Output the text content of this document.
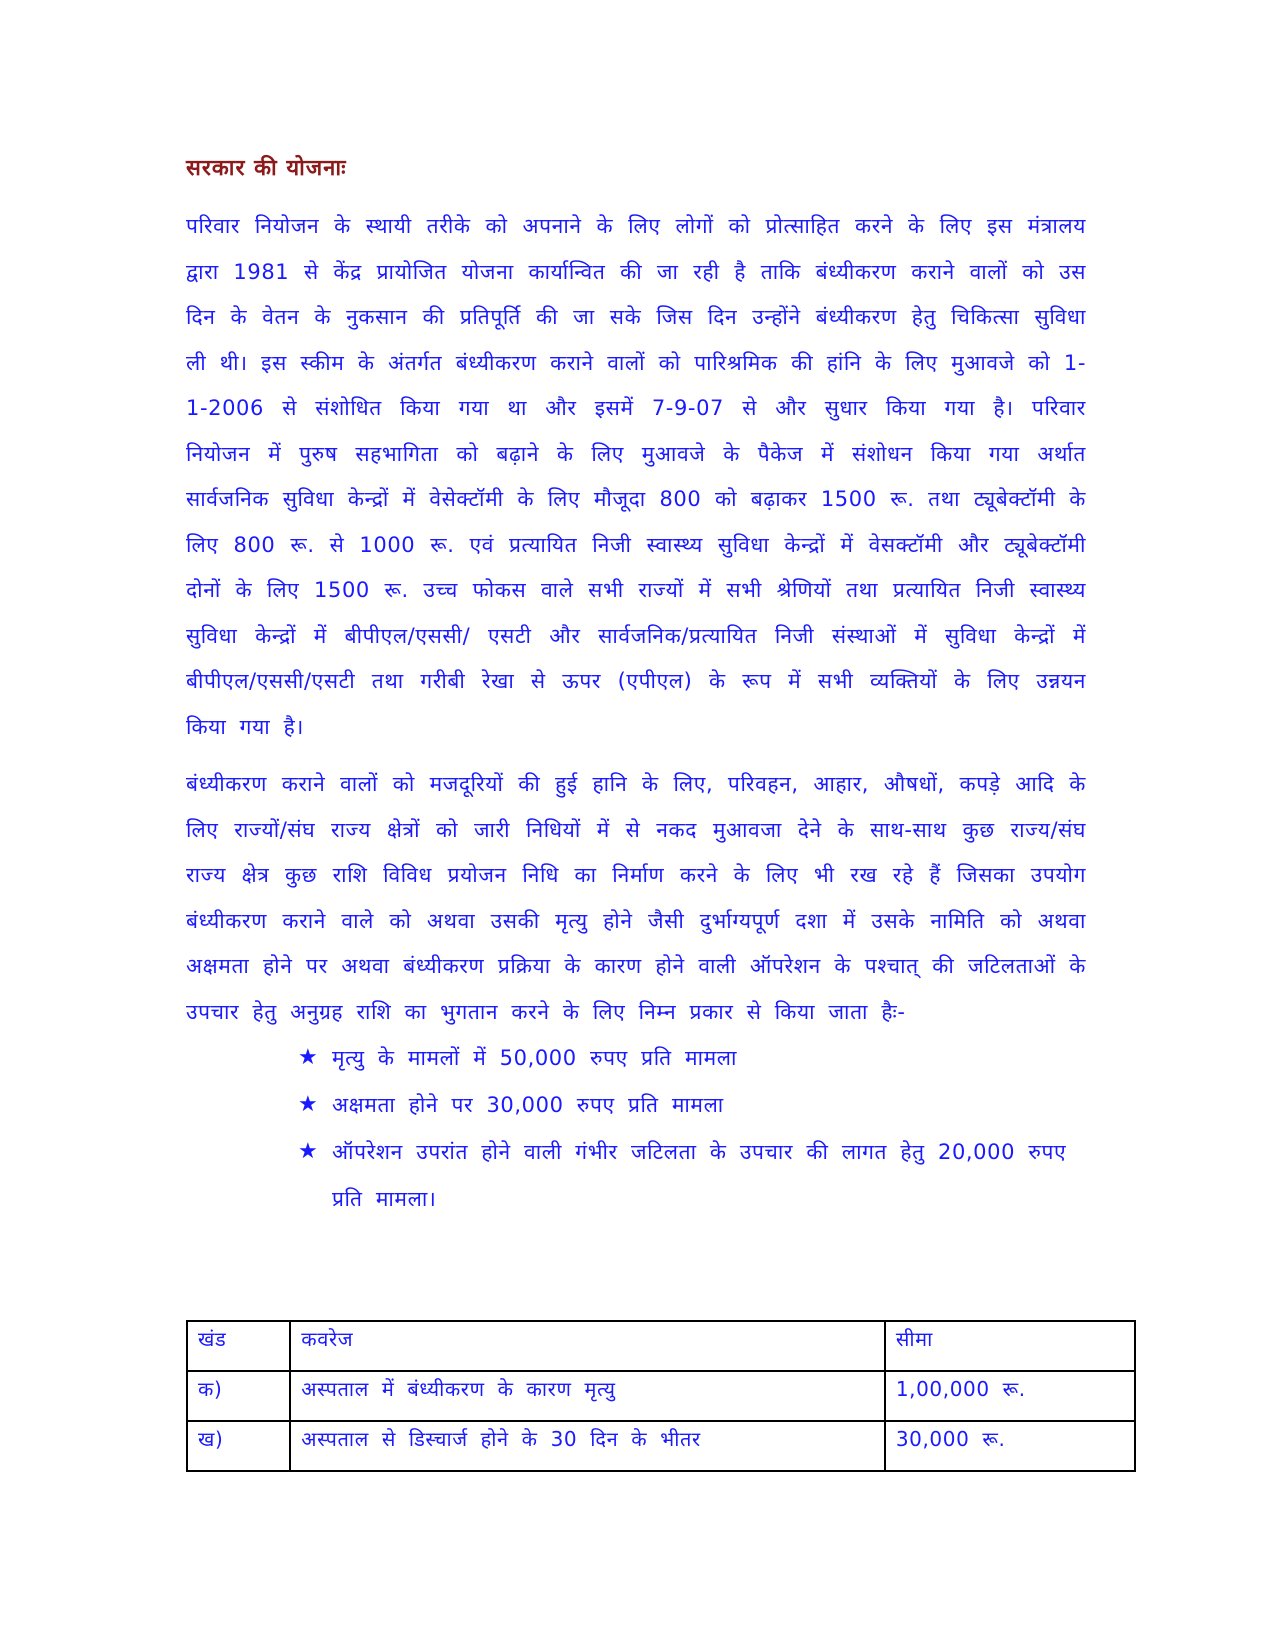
सरकार की योजनाः

परिवार नियोजन के स्थायी तरीके को अपनाने के लिए लोगों को प्रोत्साहित करने के लिए इस मंत्रालय द्वारा 1981 से केंद्र प्रायोजित योजना कार्यान्वित की जा रही है ताकि बंध्यीकरण कराने वालों को उस दिन के वेतन के नुकसान की प्रतिपूर्ति की जा सके जिस दिन उन्होंने बंध्यीकरण हेतु चिकित्सा सुविधा ली थी। इस स्कीम के अंतर्गत बंध्यीकरण कराने वालों को पारिश्रमिक की हांनि के लिए मुआवजे को 1-1-2006 से संशोधित किया गया था और इसमें 7-9-07 से और सुधार किया गया है। परिवार नियोजन में पुरुष सहभागिता को बढ़ाने के लिए मुआवजे के पैकेज में संशोधन किया गया अर्थात सार्वजनिक सुविधा केन्द्रों में वेसेक्टॉमी के लिए मौजूदा 800 को बढ़ाकर 1500 रू. तथा ट्यूबेक्टॉमी के लिए 800 रू. से 1000 रू. एवं प्रत्यायित निजी स्वास्थ्य सुविधा केन्द्रों में वेसक्टॉमी और ट्यूबेक्टॉमी दोनों के लिए 1500 रू. उच्च फोकस वाले सभी राज्यों में सभी श्रेणियों तथा प्रत्यायित निजी स्वास्थ्य सुविधा केन्द्रों में बीपीएल/एससी/ एसटी और सार्वजनिक/प्रत्यायित निजी संस्थाओं में सुविधा केन्द्रों में बीपीएल/एससी/एसटी तथा गरीबी रेखा से ऊपर (एपीएल) के रूप में सभी व्यक्तियों के लिए उन्नयन किया गया है।

बंध्यीकरण कराने वालों को मजदूरियों की हुई हानि के लिए, परिवहन, आहार, औषधों, कपड़े आदि के लिए राज्यों/संघ राज्य क्षेत्रों को जारी निधियों में से नकद मुआवजा देने के साथ-साथ कुछ राज्य/संघ राज्य क्षेत्र कुछ राशि विविध प्रयोजन निधि का निर्माण करने के लिए भी रख रहे हैं जिसका उपयोग बंध्यीकरण कराने वाले को अथवा उसकी मृत्यु होने जैसी दुर्भाग्यपूर्ण दशा में उसके नामिति को अथवा अक्षमता होने पर अथवा बंध्यीकरण प्रक्रिया के कारण होने वाली ऑपरेशन के पश्चात् की जटिलताओं के उपचार हेतु अनुग्रह राशि का भुगतान करने के लिए निम्न प्रकार से किया जाता हैः-

★ मृत्यु के मामलों में 50,000 रुपए प्रति मामला
★ अक्षमता होने पर 30,000 रुपए प्रति मामला
★ ऑपरेशन उपरांत होने वाली गंभीर जटिलता के उपचार की लागत हेतु 20,000 रुपए प्रति मामला।
खंड	कवरेज	सीमा
क)	अस्पताल में बंध्यीकरण के कारण मृत्यु	1,00,000 रू.
ख)	अस्पताल से डिस्चार्ज होने के 30 दिन के भीतर	30,000 रू.
